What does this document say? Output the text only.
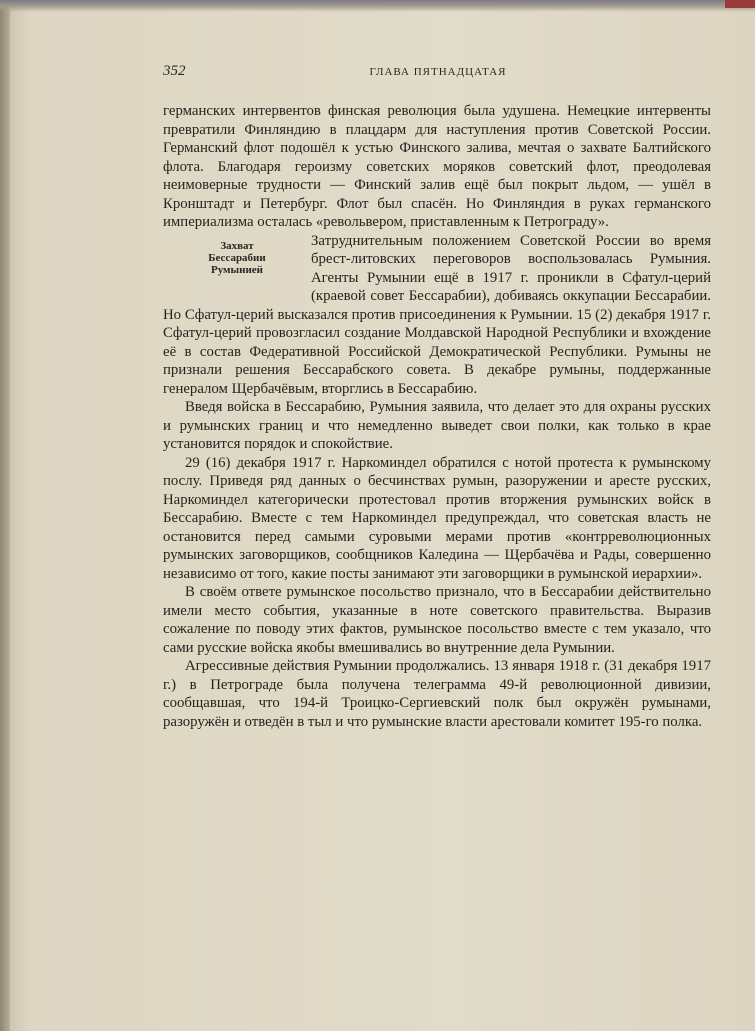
352	ГЛАВА ПЯТНАДЦАТАЯ

германских интервентов финская революция была удушена. Немецкие интервенты превратили Финляндию в плацдарм для наступления против Советской России. Германский флот подошёл к устью Финского залива, мечтая о захвате Балтийского флота. Благодаря героизму советских моряков советский флот, преодолевая неимоверные трудности — Финский залив ещё был покрыт льдом, — ушёл в Кронштадт и Петербург. Флот был спасён. Но Финляндия в руках германского империализма осталась «револьвером, приставленным к Петрограду».

Захват
Бессарабии
Румынией

Затруднительным положением Советской России во время брест-литовских переговоров воспользовалась Румыния. Агенты Румынии ещё в 1917 г. проникли в Сфатул-церий (краевой совет Бессарабии), добиваясь оккупации Бессарабии. Но Сфатул-церий высказался против присоединения к Румынии. 15 (2) декабря 1917 г. Сфатул-церий провозгласил создание Молдавской Народной Республики и вхождение её в состав Федеративной Российской Демократической Республики. Румыны не признали решения Бессарабского совета. В декабре румыны, поддержанные генералом Щербачёвым, вторглись в Бессарабию.

Введя войска в Бессарабию, Румыния заявила, что делает это для охраны русских и румынских границ и что немедленно выведет свои полки, как только в крае установится порядок и спокойствие.

29 (16) декабря 1917 г. Наркоминдел обратился с нотой протеста к румынскому послу. Приведя ряд данных о бесчинствах румын, разоружении и аресте русских, Наркоминдел категорически протестовал против вторжения румынских войск в Бессарабию. Вместе с тем Наркоминдел предупреждал, что советская власть не остановится перед самыми суровыми мерами против «контрреволюционных румынских заговорщиков, сообщников Каледина — Щербачёва и Рады, совершенно независимо от того, какие посты занимают эти заговорщики в румынской иерархии».

В своём ответе румынское посольство признало, что в Бессарабии действительно имели место события, указанные в ноте советского правительства. Выразив сожаление по поводу этих фактов, румынское посольство вместе с тем указало, что сами русские войска якобы вмешивались во внутренние дела Румынии.

Агрессивные действия Румынии продолжались. 13 января 1918 г. (31 декабря 1917 г.) в Петрограде была получена телеграмма 49-й революционной дивизии, сообщавшая, что 194-й Троицко-Сергиевский полк был окружён румынами, разоружён и отведён в тыл и что румынские власти арестовали комитет 195-го полка.
